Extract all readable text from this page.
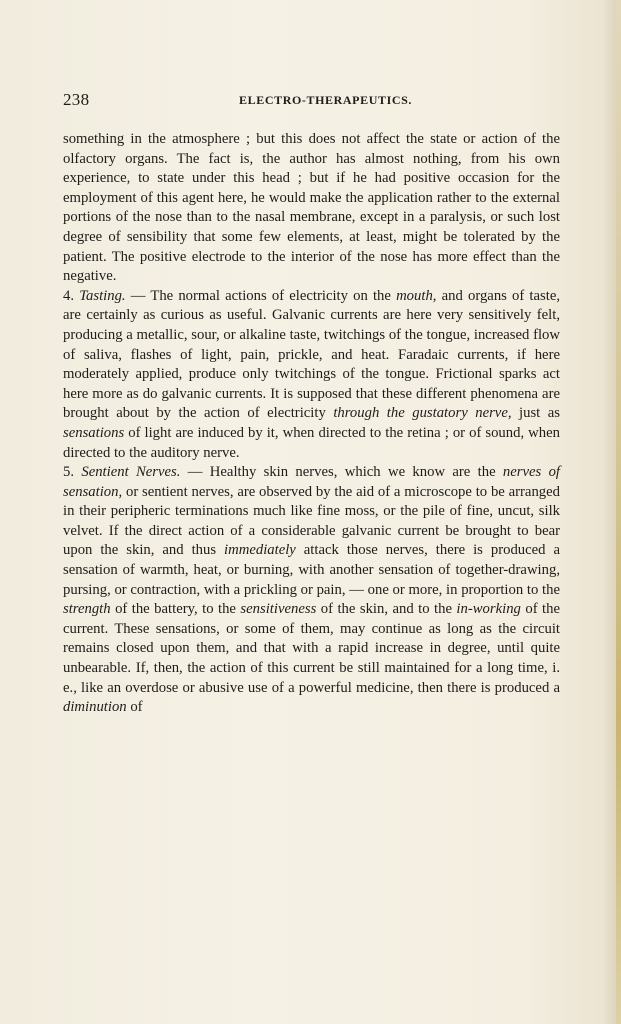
238	ELECTRO-THERAPEUTICS.

something in the atmosphere ; but this does not affect the state or action of the olfactory organs. The fact is, the author has almost nothing, from his own experience, to state under this head ; but if he had positive occasion for the employment of this agent here, he would make the application rather to the external portions of the nose than to the nasal membrane, except in a paralysis, or such lost degree of sensibility that some few elements, at least, might be tolerated by the patient. The positive electrode to the interior of the nose has more effect than the negative.

4. Tasting. — The normal actions of electricity on the mouth, and organs of taste, are certainly as curious as useful. Galvanic currents are here very sensitively felt, producing a metallic, sour, or alkaline taste, twitchings of the tongue, increased flow of saliva, flashes of light, pain, prickle, and heat. Faradaic currents, if here moderately applied, produce only twitchings of the tongue. Frictional sparks act here more as do galvanic currents. It is supposed that these different phenomena are brought about by the action of electricity through the gustatory nerve, just as sensations of light are induced by it, when directed to the retina ; or of sound, when directed to the auditory nerve.

5. Sentient Nerves. — Healthy skin nerves, which we know are the nerves of sensation, or sentient nerves, are observed by the aid of a microscope to be arranged in their peripheric terminations much like fine moss, or the pile of fine, uncut, silk velvet. If the direct action of a considerable galvanic current be brought to bear upon the skin, and thus immediately attack those nerves, there is produced a sensation of warmth, heat, or burning, with another sensation of together-drawing, pursing, or contraction, with a prickling or pain, — one or more, in proportion to the strength of the battery, to the sensitiveness of the skin, and to the in-working of the current. These sensations, or some of them, may continue as long as the circuit remains closed upon them, and that with a rapid increase in degree, until quite unbearable. If, then, the action of this current be still maintained for a long time, i. e., like an overdose or abusive use of a powerful medicine, then there is produced a diminution of
